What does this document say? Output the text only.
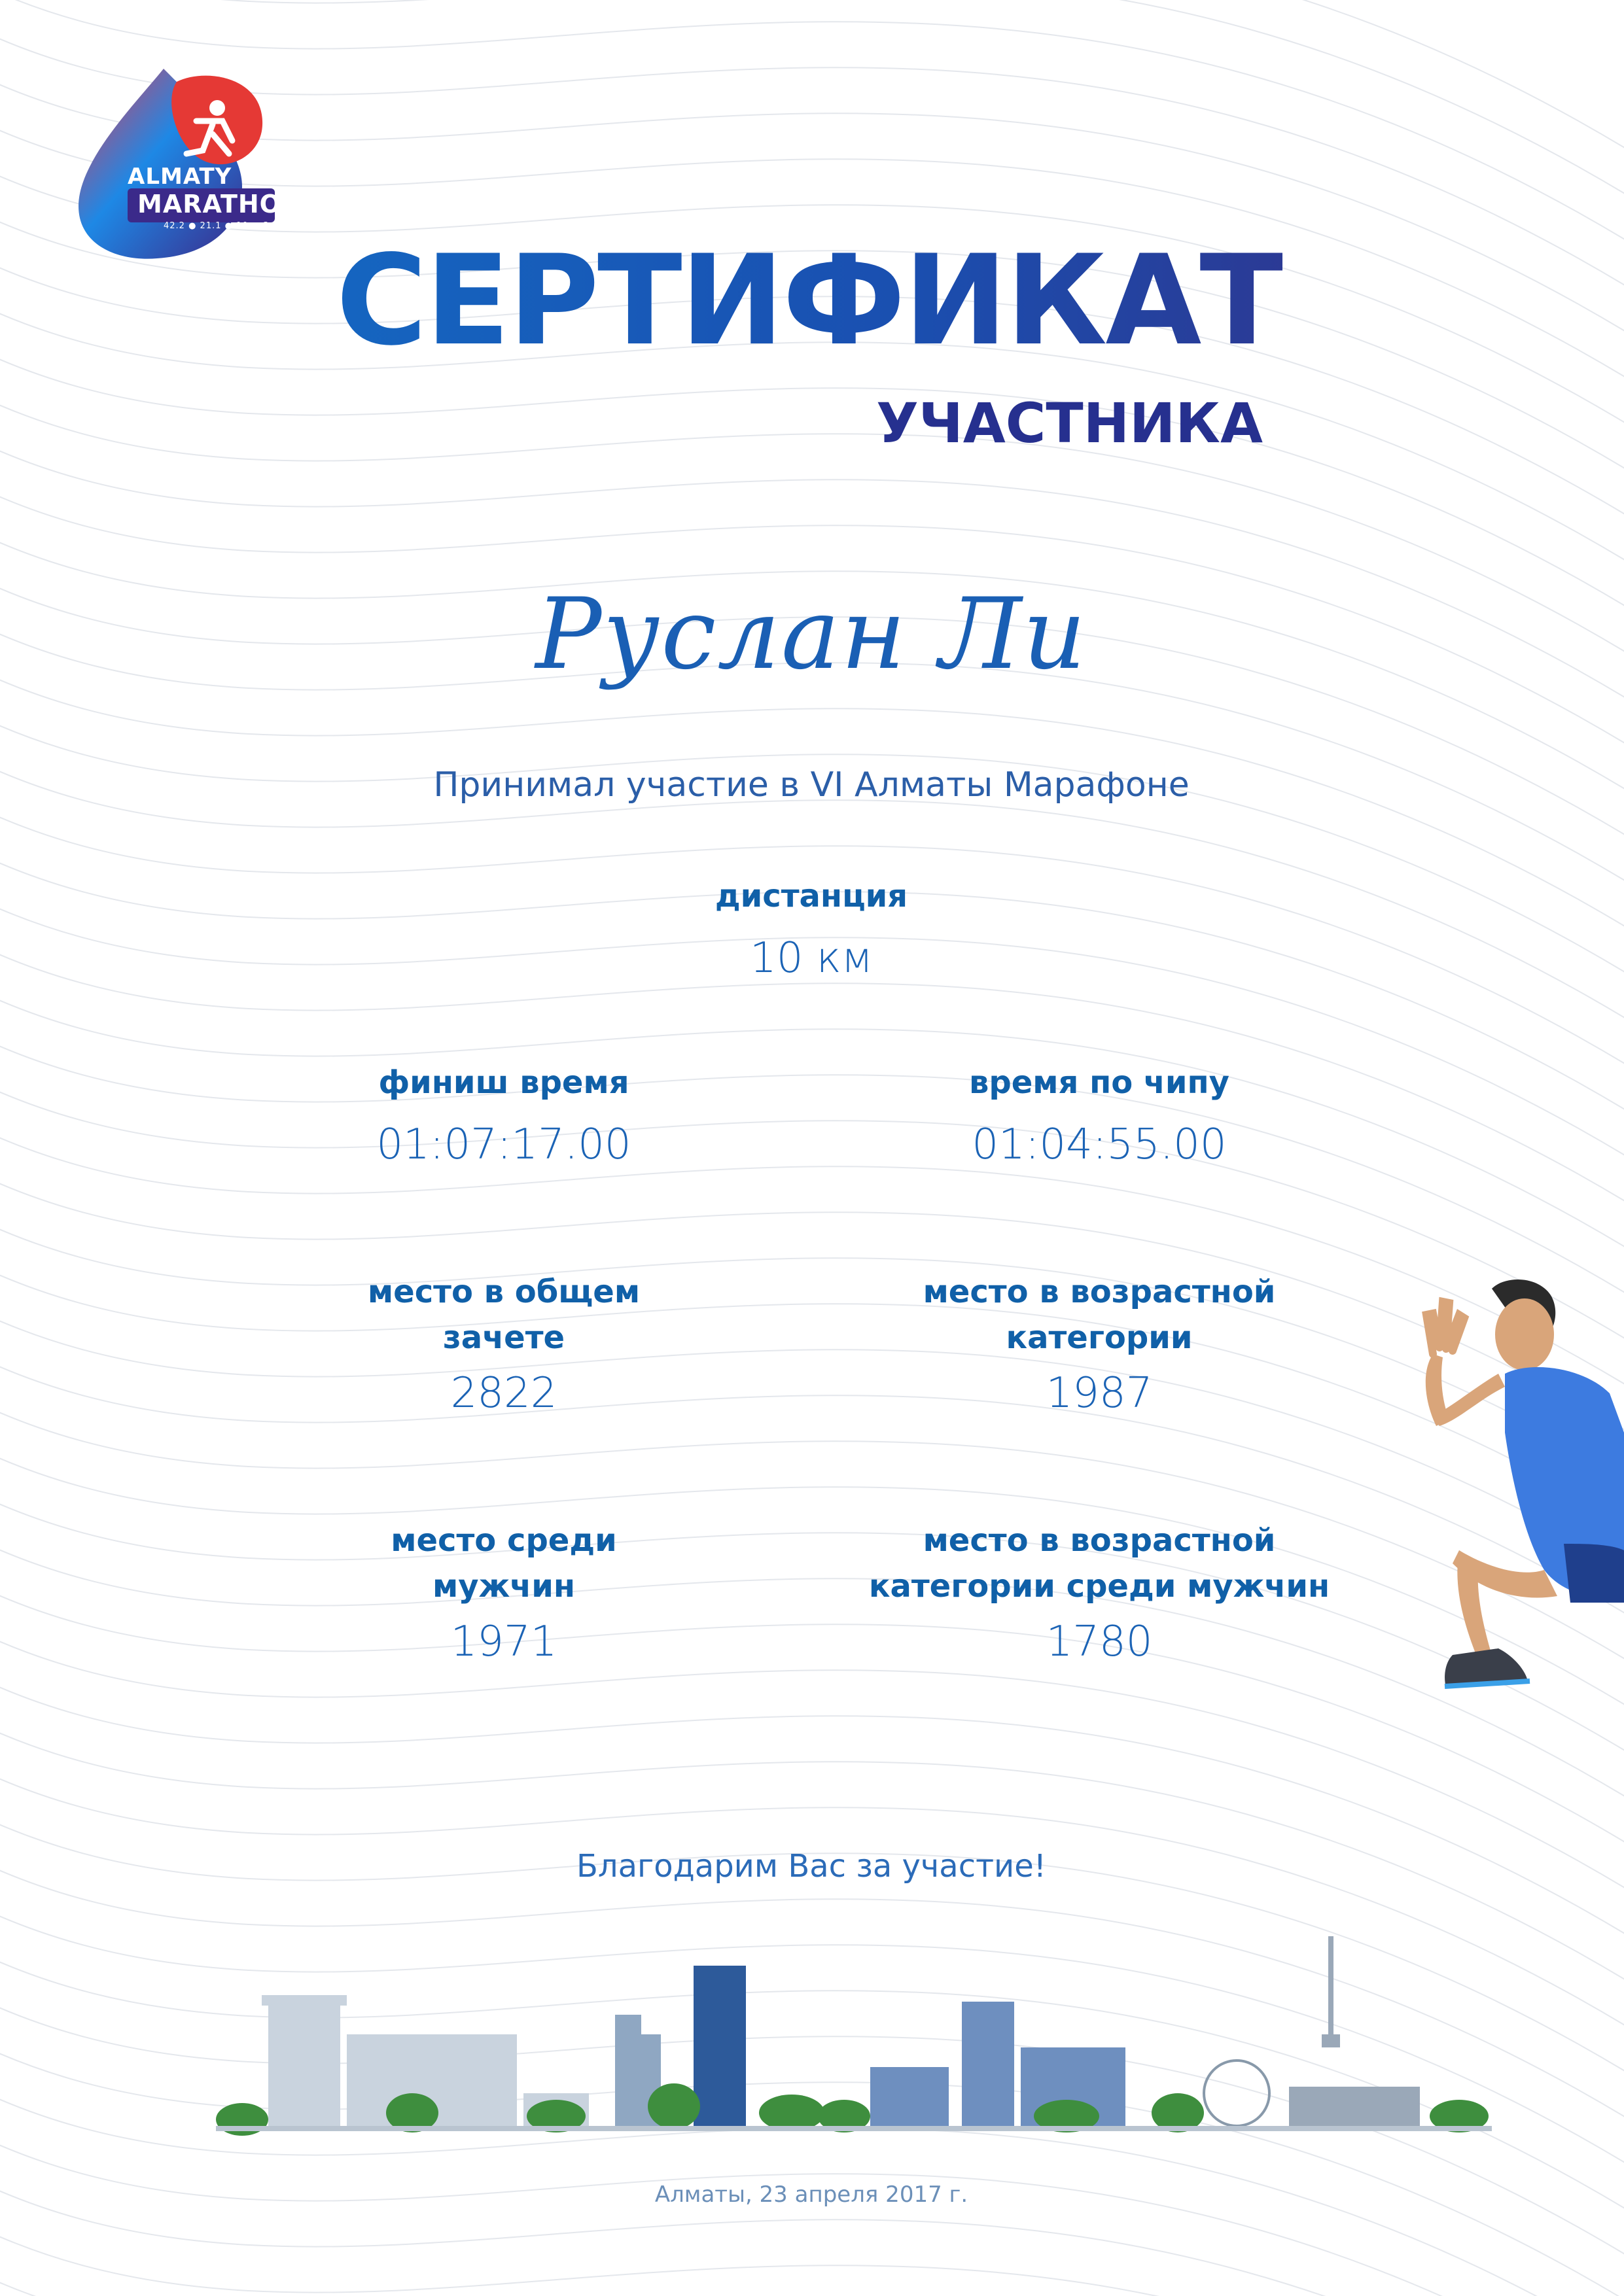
ALMATY
MARATHON
42.2 ● 21.1 ● 10 ● 3
СЕРТИФИКАТ
УЧАСТНИКА
Руслан Ли
Принимал участие в VI Алматы Марафоне
дистанция
10 км
финиш время
01:07:17.00
время по чипу
01:04:55.00
место в общем
зачете
2822
место в возрастной
категории
1987
место среди
мужчин
1971
место в возрастной
категории среди мужчин
1780
Благодарим Вас за участие!
Алматы, 23 апреля 2017 г.
